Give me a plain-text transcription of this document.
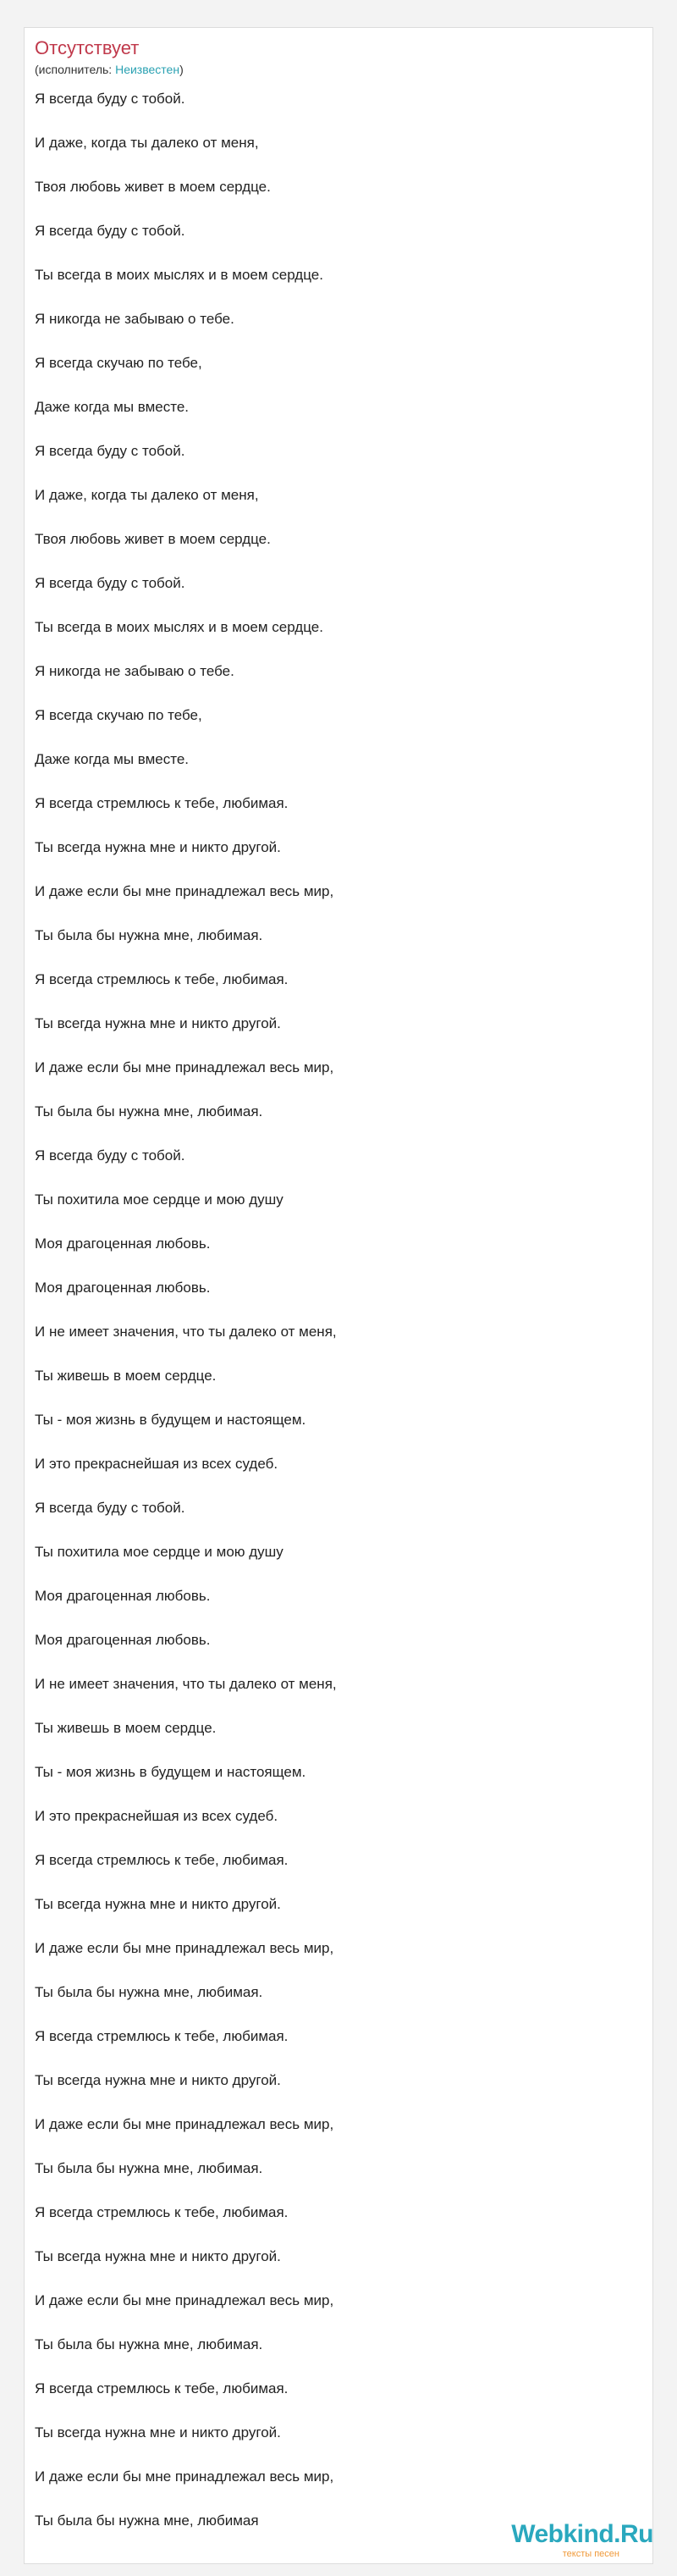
Отсутствует

(исполнитель: Неизвестен)

Я всегда буду с тобой.
И даже, когда ты далеко от меня,
Твоя любовь живет в моем сердце.
Я всегда буду с тобой.
Ты всегда в моих мыслях и в моем сердце.
Я никогда не забываю о тебе.
Я всегда скучаю по тебе,
Даже когда мы вместе.
Я всегда буду с тобой.
И даже, когда ты далеко от меня,
Твоя любовь живет в моем сердце.
Я всегда буду с тобой.
Ты всегда в моих мыслях и в моем сердце.
Я никогда не забываю о тебе.
Я всегда скучаю по тебе,
Даже когда мы вместе.
Я всегда стремлюсь к тебе, любимая.
Ты всегда нужна мне и никто другой.
И даже если бы мне принадлежал весь мир,
Ты была бы нужна мне, любимая.
Я всегда стремлюсь к тебе, любимая.
Ты всегда нужна мне и никто другой.
И даже если бы мне принадлежал весь мир,
Ты была бы нужна мне, любимая.
Я всегда буду с тобой.
Ты похитила мое сердце и мою душу
Моя драгоценная любовь.
Моя драгоценная любовь.
И не имеет значения, что ты далеко от меня,
Ты живешь в моем сердце.
Ты - моя жизнь в будущем и настоящем.
И это прекраснейшая из всех судеб.
Я всегда буду с тобой.
Ты похитила мое сердце и мою душу
Моя драгоценная любовь.
Моя драгоценная любовь.
И не имеет значения, что ты далеко от меня,
Ты живешь в моем сердце.
Ты - моя жизнь в будущем и настоящем.
И это прекраснейшая из всех судеб.
Я всегда стремлюсь к тебе, любимая.
Ты всегда нужна мне и никто другой.
И даже если бы мне принадлежал весь мир,
Ты была бы нужна мне, любимая.
Я всегда стремлюсь к тебе, любимая.
Ты всегда нужна мне и никто другой.
И даже если бы мне принадлежал весь мир,
Ты была бы нужна мне, любимая.
Я всегда стремлюсь к тебе, любимая.
Ты всегда нужна мне и никто другой.
И даже если бы мне принадлежал весь мир,
Ты была бы нужна мне, любимая.
Я всегда стремлюсь к тебе, любимая.
Ты всегда нужна мне и никто другой.
И даже если бы мне принадлежал весь мир,
Ты была бы нужна мне, любимая	Webkind.Ru
тексты песен
